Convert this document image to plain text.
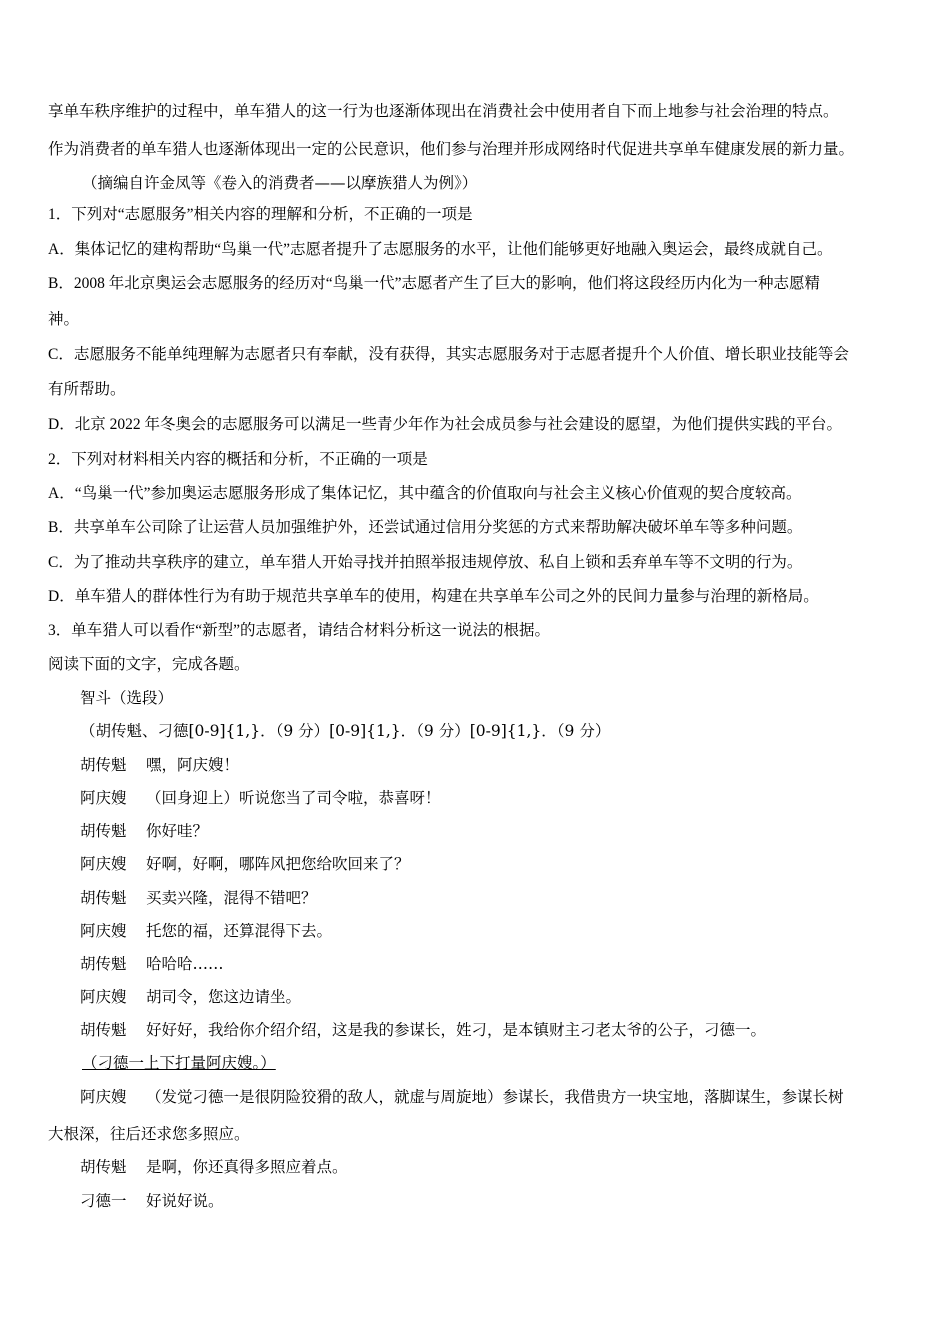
享单车秩序维护的过程中，单车猎人的这一行为也逐渐体现出在消费社会中使用者自下而上地参与社会治理的特点。
作为消费者的单车猎人也逐渐体现出一定的公民意识，他们参与治理并形成网络时代促进共享单车健康发展的新力量。
（摘编自许金凤等《卷入的消费者——以摩族猎人为例》）
1．下列对“志愿服务”相关内容的理解和分析，不正确的一项是
A．集体记忆的建构帮助“鸟巢一代”志愿者提升了志愿服务的水平，让他们能够更好地融入奥运会，最终成就自己。
B．2008 年北京奥运会志愿服务的经历对“鸟巢一代”志愿者产生了巨大的影响，他们将这段经历内化为一种志愿精
神。
C．志愿服务不能单纯理解为志愿者只有奉献，没有获得，其实志愿服务对于志愿者提升个人价值、增长职业技能等会
有所帮助。
D．北京 2022 年冬奥会的志愿服务可以满足一些青少年作为社会成员参与社会建设的愿望，为他们提供实践的平台。
2．下列对材料相关内容的概括和分析，不正确的一项是
A．“鸟巢一代”参加奥运志愿服务形成了集体记忆，其中蕴含的价值取向与社会主义核心价值观的契合度较高。
B．共享单车公司除了让运营人员加强维护外，还尝试通过信用分奖惩的方式来帮助解决破坏单车等多种问题。
C．为了推动共享秩序的建立，单车猎人开始寻找并拍照举报违规停放、私自上锁和丢弃单车等不文明的行为。
D．单车猎人的群体性行为有助于规范共享单车的使用，构建在共享单车公司之外的民间力量参与治理的新格局。
3．单车猎人可以看作“新型”的志愿者，请结合材料分析这一说法的根据。
阅读下面的文字，完成各题。
智斗（选段）
（胡传魁、刁德[0-9]{1,}．（9 分）[0-9]{1,}．（9 分）[0-9]{1,}．（9 分）
胡传魁 嘿，阿庆嫂！
阿庆嫂 （回身迎上）听说您当了司令啦，恭喜呀！
胡传魁 你好哇？
阿庆嫂 好啊，好啊，哪阵风把您给吹回来了？
胡传魁 买卖兴隆，混得不错吧？
阿庆嫂 托您的福，还算混得下去。
胡传魁 哈哈哈……
阿庆嫂 胡司令，您这边请坐。
胡传魁 好好好，我给你介绍介绍，这是我的参谋长，姓刁，是本镇财主刁老太爷的公子，刁德一。
（刁德一上下打量阿庆嫂。）
阿庆嫂 （发觉刁德一是很阴险狡猾的敌人，就虚与周旋地）参谋长，我借贵方一块宝地，落脚谋生，参谋长树
大根深，往后还求您多照应。
胡传魁 是啊，你还真得多照应着点。
刁德一 好说好说。
